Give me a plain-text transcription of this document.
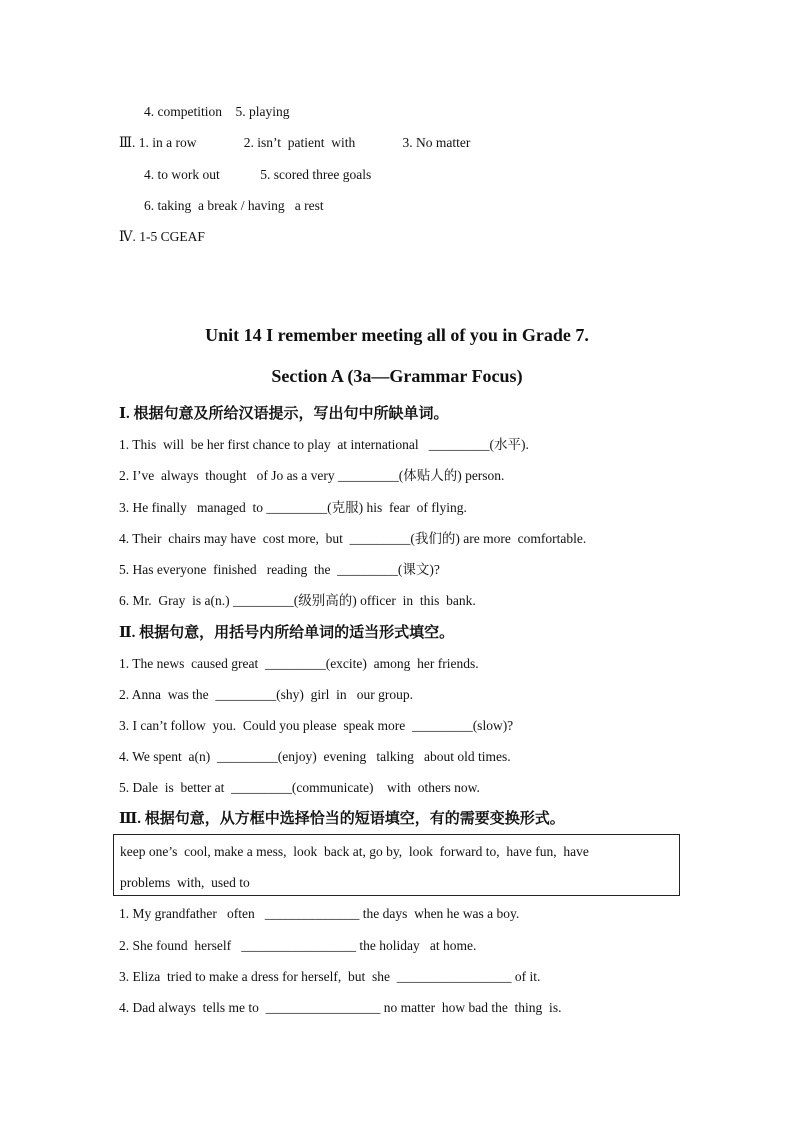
4. competition    5. playing
Ⅲ. 1. in a row              2. isn’t  patient  with              3. No matter
4. to work out            5. scored three goals
6. taking  a break / having   a rest
Ⅳ. 1-5 CGEAF
Unit 14 I remember meeting all of you in Grade 7.
Section A (3a—Grammar Focus)
Ⅰ. 根据句意及所给汉语提示，写出句中所缺单词。
1. This  will  be her first chance to play  at international   _________(水平).
2. I’ve  always  thought   of Jo as a very _________(体贴人的) person.
3. He finally   managed  to _________(克服) his  fear  of flying.
4. Their  chairs may have  cost more,  but  _________(我们的) are more  comfortable.
5. Has everyone  finished   reading  the  _________(课文)?
6. Mr.  Gray  is a(n.) _________(级别高的) officer  in  this  bank.
Ⅱ. 根据句意，用括号内所给单词的适当形式填空。
1. The news  caused great  _________(excite)  among  her friends.
2. Anna  was the  _________(shy)  girl  in   our group.
3. I can’t follow  you.  Could you please  speak more  _________(slow)?
4. We spent  a(n)  _________(enjoy)  evening   talking   about old times.
5. Dale  is  better at  _________(communicate)    with  others now.
Ⅲ. 根据句意，从方框中选择恰当的短语填空，有的需要变换形式。
keep one’s  cool, make a mess,  look  back at, go by,  look  forward to,  have fun,  have
problems  with,  used to
1. My grandfather   often   ______________ the days  when he was a boy.
2. She found  herself   _________________ the holiday   at home.
3. Eliza  tried to make a dress for herself,  but  she  _________________ of it.
4. Dad always  tells me to  _________________ no matter  how bad the  thing  is.
